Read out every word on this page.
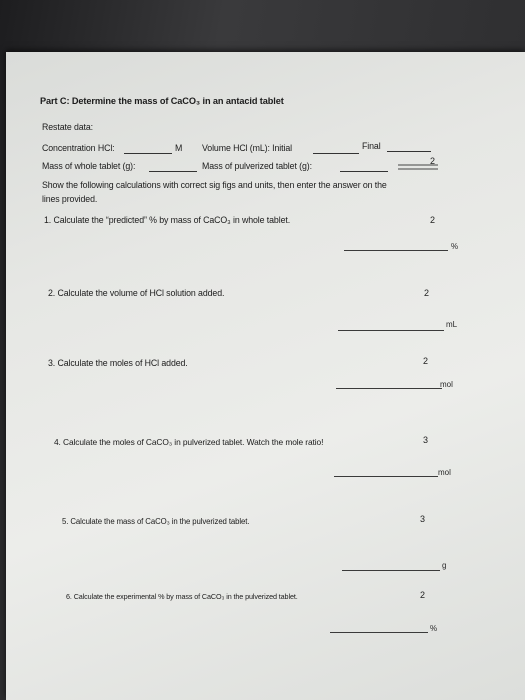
Part C: Determine the mass of CaCO₃ in an antacid tablet
Restate data:
Concentration HCl:	M Volume HCl (mL): Initial	Final
Mass of whole tablet (g):	Mass of pulverized tablet (g):	2
Show the following calculations with correct sig figs and units, then enter the answer on the
lines provided.
1. Calculate the “predicted” % by mass of CaCO₃ in whole tablet.	2
%
2. Calculate the volume of HCl solution added.	2
mL
3. Calculate the moles of HCl added.	2
mol
4. Calculate the moles of CaCO₃ in pulverized tablet. Watch the mole ratio!	3
mol
5. Calculate the mass of CaCO₃ in the pulverized tablet.	3
g
6. Calculate the experimental % by mass of CaCO₃ in the pulverized tablet.	2
%
